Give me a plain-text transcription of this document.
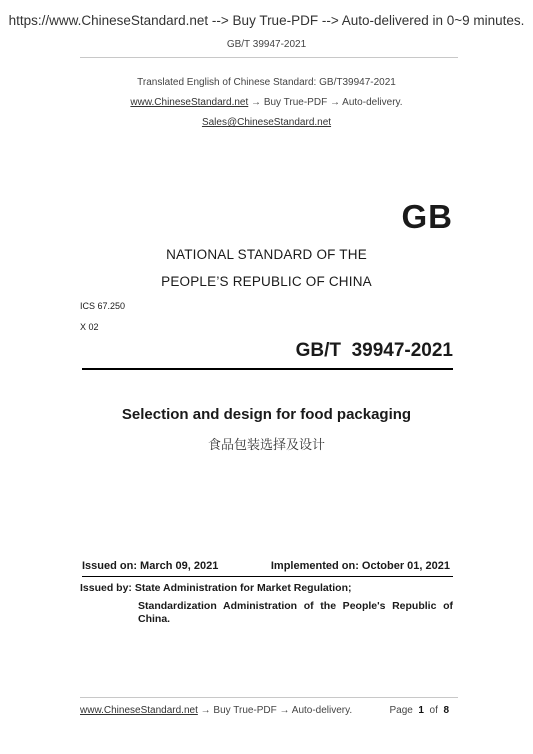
https://www.ChineseStandard.net --> Buy True-PDF --> Auto-delivered in 0~9 minutes.
GB/T 39947-2021
Translated English of Chinese Standard: GB/T39947-2021
www.ChineseStandard.net → Buy True-PDF → Auto-delivery.
Sales@ChineseStandard.net
GB
NATIONAL STANDARD OF THE
PEOPLE’S REPUBLIC OF CHINA
ICS 67.250
X 02
GB/T  39947-2021
Selection and design for food packaging
食品包装选择及设计
Issued on: March 09, 2021	Implemented on: October 01, 2021
Issued by: State Administration for Market Regulation;
Standardization Administration of the People's Republic of
China.
www.ChineseStandard.net → Buy True-PDF → Auto-delivery.	Page 1 of 8
